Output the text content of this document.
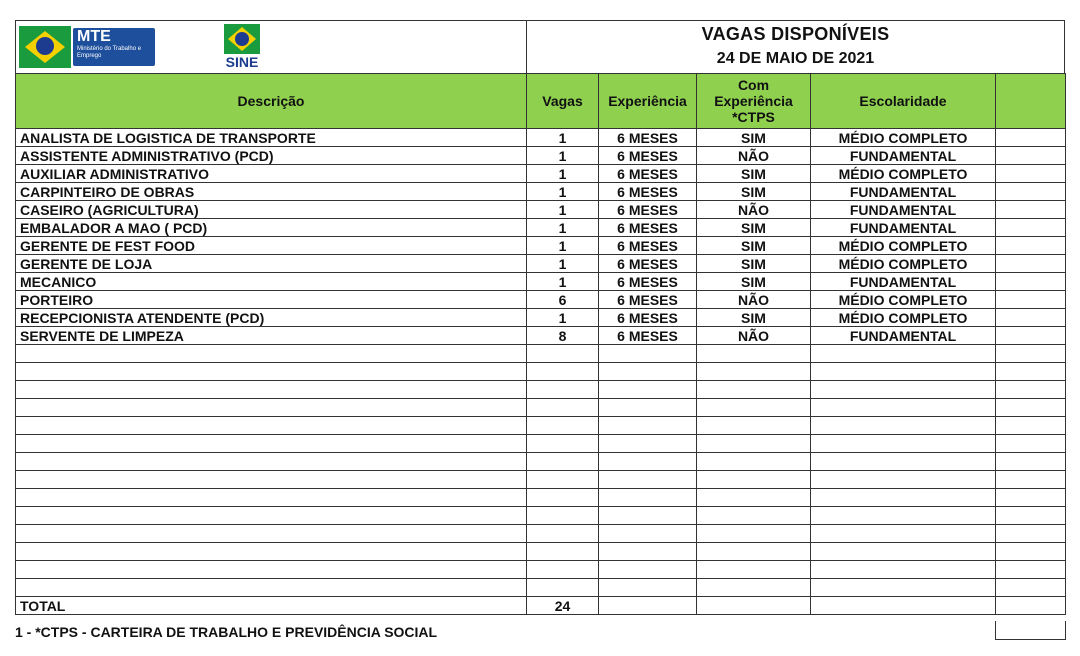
MTE
Ministério do Trabalho e Emprego	SINE
VAGAS DISPONÍVEIS
24 DE MAIO DE 2021
Descrição	Vagas	Experiência	Com Experiência *CTPS	Escolaridade	
ANALISTA DE LOGISTICA DE TRANSPORTE	1	6 MESES	SIM	MÉDIO COMPLETO	
ASSISTENTE ADMINISTRATIVO (PCD)	1	6 MESES	NÃO	FUNDAMENTAL	
AUXILIAR ADMINISTRATIVO	1	6 MESES	SIM	MÉDIO COMPLETO	
CARPINTEIRO DE OBRAS	1	6 MESES	SIM	FUNDAMENTAL	
CASEIRO (AGRICULTURA)	1	6 MESES	NÃO	FUNDAMENTAL	
EMBALADOR A MAO ( PCD)	1	6 MESES	SIM	FUNDAMENTAL	
GERENTE DE FEST FOOD	1	6 MESES	SIM	MÉDIO COMPLETO	
GERENTE DE LOJA	1	6 MESES	SIM	MÉDIO COMPLETO	
MECANICO	1	6 MESES	SIM	FUNDAMENTAL	
PORTEIRO	6	6 MESES	NÃO	MÉDIO COMPLETO	
RECEPCIONISTA ATENDENTE (PCD)	1	6 MESES	SIM	MÉDIO COMPLETO	
SERVENTE DE LIMPEZA	8	6 MESES	NÃO	FUNDAMENTAL	

TOTAL	24				
1 - *CTPS - CARTEIRA DE TRABALHO E PREVIDÊNCIA SOCIAL
